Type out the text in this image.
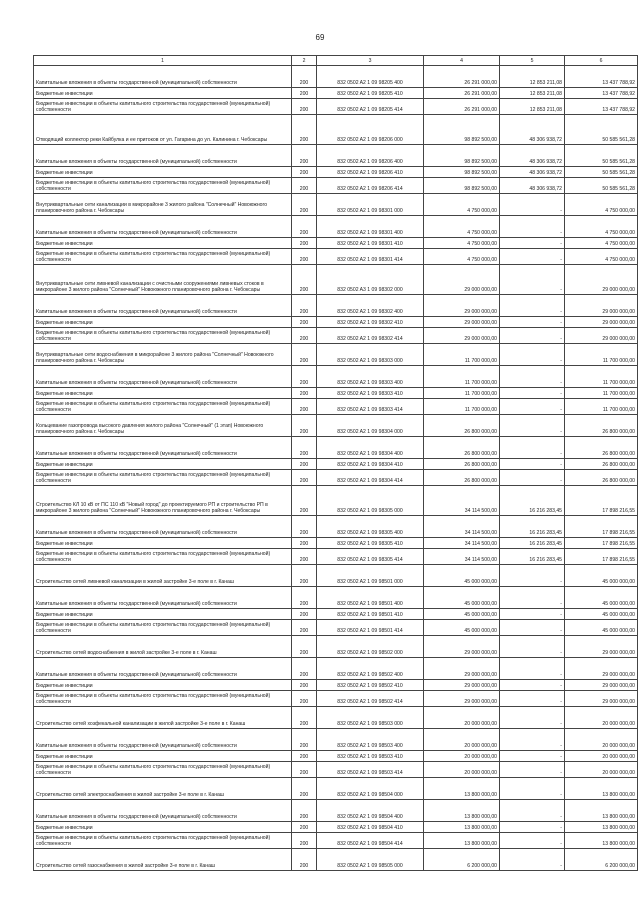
69
1	2	3	4	5	6
Капитальные вложения в объекты государственной (муниципальной) собственности	200	832 0502 A2 1 09 98205 400	26 291 000,00	12 853 211,08	13 437 788,92
Бюджетные инвестиции	200	832 0502 A2 1 09 98205 410	26 291 000,00	12 853 211,08	13 437 788,92
Бюджетные инвестиции в объекты капитального строительства государственной (муниципальной) собственности	200	832 0502 A2 1 09 98205 414	26 291 000,00	12 853 211,08	13 437 788,92
Отводящий коллектор реки Кайбулка и ее притоков от ул. Гагарина до ул. Калинина г. Чебоксары	200	832 0502 A2 1 09 98206 000	98 892 500,00	48 306 938,72	50 585 561,28
Капитальные вложения в объекты государственной (муниципальной) собственности	200	832 0502 A2 1 09 98206 400	98 892 500,00	48 306 938,72	50 585 561,28
Бюджетные инвестиции	200	832 0502 A2 1 09 98206 410	98 892 500,00	48 306 938,72	50 585 561,28
Бюджетные инвестиции в объекты капитального строительства государственной (муниципальной) собственности	200	832 0502 A2 1 09 98206 414	98 892 500,00	48 306 938,72	50 585 561,28
Внутриквартальные сети канализации в микрорайоне 3 жилого района "Солнечный" Новоюжного планировочного района г. Чебоксары	200	832 0502 A2 1 09 98301 000	4 750 000,00	-	4 750 000,00
Капитальные вложения в объекты государственной (муниципальной) собственности	200	832 0502 A2 1 09 98301 400	4 750 000,00	-	4 750 000,00
Бюджетные инвестиции	200	832 0502 A2 1 09 98301 410	4 750 000,00	-	4 750 000,00
Бюджетные инвестиции в объекты капитального строительства государственной (муниципальной) собственности	200	832 0502 A2 1 09 98301 414	4 750 000,00	-	4 750 000,00
Внутриквартальные сети ливневой канализации с очистными сооружениями ливневых стоков в микрорайоне 3 жилого района "Солнечный" Новоюжного планировочного района г. Чебоксары	200	832 0502 A3 1 09 98302 000	29 000 000,00	-	29 000 000,00
Капитальные вложения в объекты государственной (муниципальной) собственности	200	832 0502 A2 1 09 98302 400	29 000 000,00	-	29 000 000,00
Бюджетные инвестиции	200	832 0502 A2 1 09 98302 410	29 000 000,00	-	29 000 000,00
Бюджетные инвестиции в объекты капитального строительства государственной (муниципальной) собственности	200	832 0502 A2 1 09 98302 414	29 000 000,00	-	29 000 000,00
Внутриквартальные сети водоснабжения в микрорайоне 3 жилого района "Солнечный" Новоюжного планировочного района г. Чебоксары	200	832 0502 A2 1 09 98303 000	11 700 000,00	-	11 700 000,00
Капитальные вложения в объекты государственной (муниципальной) собственности	200	832 0502 A2 1 09 98303 400	11 700 000,00	-	11 700 000,00
Бюджетные инвестиции	200	832 0502 A2 1 09 98303 410	11 700 000,00	-	11 700 000,00
Бюджетные инвестиции в объекты капитального строительства государственной (муниципальной) собственности	200	832 0502 A2 1 09 98303 414	11 700 000,00	-	11 700 000,00
Кольцевание газопровода высокого давления жилого района "Солнечный" (1 этап) Новоюжного планировочного района г. Чебоксары	200	832 0502 A2 1 09 98304 000	26 800 000,00	-	26 800 000,00
Капитальные вложения в объекты государственной (муниципальной) собственности	200	832 0502 A2 1 09 98304 400	26 800 000,00	-	26 800 000,00
Бюджетные инвестиции	200	832 0502 A2 1 09 98304 410	26 800 000,00	-	26 800 000,00
Бюджетные инвестиции в объекты капитального строительства государственной (муниципальной) собственности	200	832 0502 A2 1 09 98304 414	26 800 000,00	-	26 800 000,00
Строительство КЛ 10 кВ от ПС 110 кВ "Новый город" до проектируемого РП и строительство РП в микрорайоне 3 жилого района "Солнечный" Новоюжного планировочного района г. Чебоксары	200	832 0502 A2 1 09 98305 000	34 114 500,00	16 216 283,45	17 898 216,55
Капитальные вложения в объекты государственной (муниципальной) собственности	200	832 0502 A2 1 09 98305 400	34 114 500,00	16 216 283,45	17 898 216,55
Бюджетные инвестиции	200	832 0502 A2 1 09 98305 410	34 114 500,00	16 216 283,45	17 898 216,55
Бюджетные инвестиции в объекты капитального строительства государственной (муниципальной) собственности	200	832 0502 A2 1 09 98305 414	34 114 500,00	16 216 283,45	17 898 216,55
Строительство сетей ливневой канализации в жилой застройке 3-е поле в г. Канаш	200	832 0502 A2 1 09 98501 000	45 000 000,00	-	45 000 000,00
Капитальные вложения в объекты государственной (муниципальной) собственности	200	832 0502 A2 1 09 98501 400	45 000 000,00	-	45 000 000,00
Бюджетные инвестиции	200	832 0502 A2 1 09 98501 410	45 000 000,00	-	45 000 000,00
Бюджетные инвестиции в объекты капитального строительства государственной (муниципальной) собственности	200	832 0502 A2 1 09 98501 414	45 000 000,00	-	45 000 000,00
Строительство сетей водоснабжения в жилой застройке 3-е поле в г. Канаш	200	832 0502 A2 1 09 98502 000	29 000 000,00	-	29 000 000,00
Капитальные вложения в объекты государственной (муниципальной) собственности	200	832 0502 A2 1 09 98502 400	29 000 000,00	-	29 000 000,00
Бюджетные инвестиции	200	832 0502 A2 1 09 98502 410	29 000 000,00	-	29 000 000,00
Бюджетные инвестиции в объекты капитального строительства государственной (муниципальной) собственности	200	832 0502 A2 1 09 98502 414	29 000 000,00	-	29 000 000,00
Строительство сетей хозфекальной канализации в жилой застройке 3-е поле в г. Канаш	200	832 0502 A2 1 09 98503 000	20 000 000,00	-	20 000 000,00
Капитальные вложения в объекты государственной (муниципальной) собственности	200	832 0502 A2 1 09 98503 400	20 000 000,00	-	20 000 000,00
Бюджетные инвестиции	200	832 0502 A2 1 09 98503 410	20 000 000,00	-	20 000 000,00
Бюджетные инвестиции в объекты капитального строительства государственной (муниципальной) собственности	200	832 0502 A2 1 09 98503 414	20 000 000,00	-	20 000 000,00
Строительство сетей электроснабжения в жилой застройке 3-е поле в г. Канаш	200	832 0502 A2 1 09 98504 000	13 800 000,00	-	13 800 000,00
Капитальные вложения в объекты государственной (муниципальной) собственности	200	832 0502 A2 1 09 98504 400	13 800 000,00	-	13 800 000,00
Бюджетные инвестиции	200	832 0502 A2 1 09 98504 410	13 800 000,00	-	13 800 000,00
Бюджетные инвестиции в объекты капитального строительства государственной (муниципальной) собственности	200	832 0502 A2 1 09 98504 414	13 800 000,00	-	13 800 000,00
Строительство сетей газоснабжения в жилой застройке 3-е поле в г. Канаш	200	832 0502 A2 1 09 98505 000	6 200 000,00	-	6 200 000,00
